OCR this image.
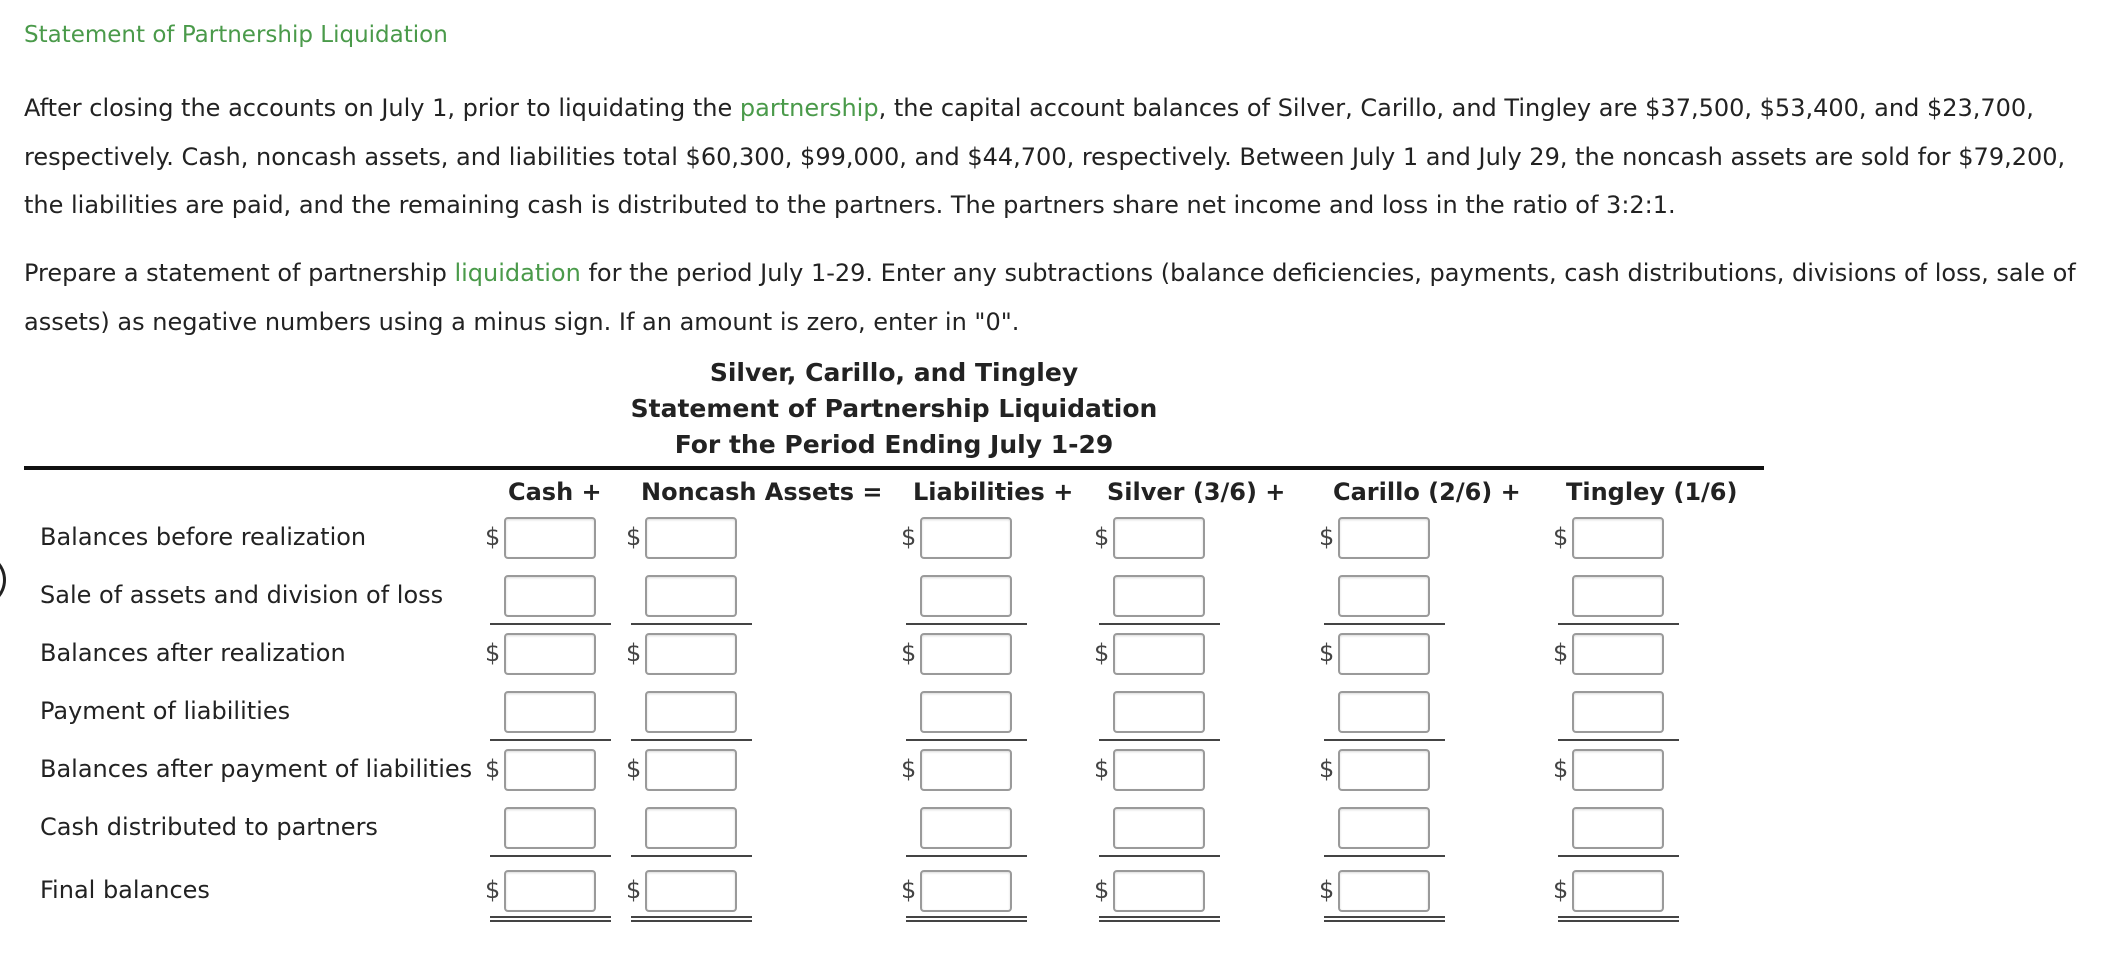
Statement of Partnership Liquidation
After closing the accounts on July 1, prior to liquidating the partnership, the capital account balances of Silver, Carillo, and Tingley are $37,500, $53,400, and $23,700,
respectively. Cash, noncash assets, and liabilities total $60,300, $99,000, and $44,700, respectively. Between July 1 and July 29, the noncash assets are sold for $79,200,
the liabilities are paid, and the remaining cash is distributed to the partners. The partners share net income and loss in the ratio of 3:2:1.
Prepare a statement of partnership liquidation for the period July 1-29. Enter any subtractions (balance deficiencies, payments, cash distributions, divisions of loss, sale of
assets) as negative numbers using a minus sign. If an amount is zero, enter in "0".
Silver, Carillo, and Tingley
Statement of Partnership Liquidation
For the Period Ending July 1-29
Cash + Noncash Assets = Liabilities + Silver (3/6) + Carillo (2/6) + Tingley (1/6)
Balances before realization	$	$	$	$	$	$
Sale of assets and division of loss
Balances after realization	$	$	$	$	$	$
Payment of liabilities
Balances after payment of liabilities $	$	$	$	$	$
Cash distributed to partners
Final balances	$	$	$	$	$	$
